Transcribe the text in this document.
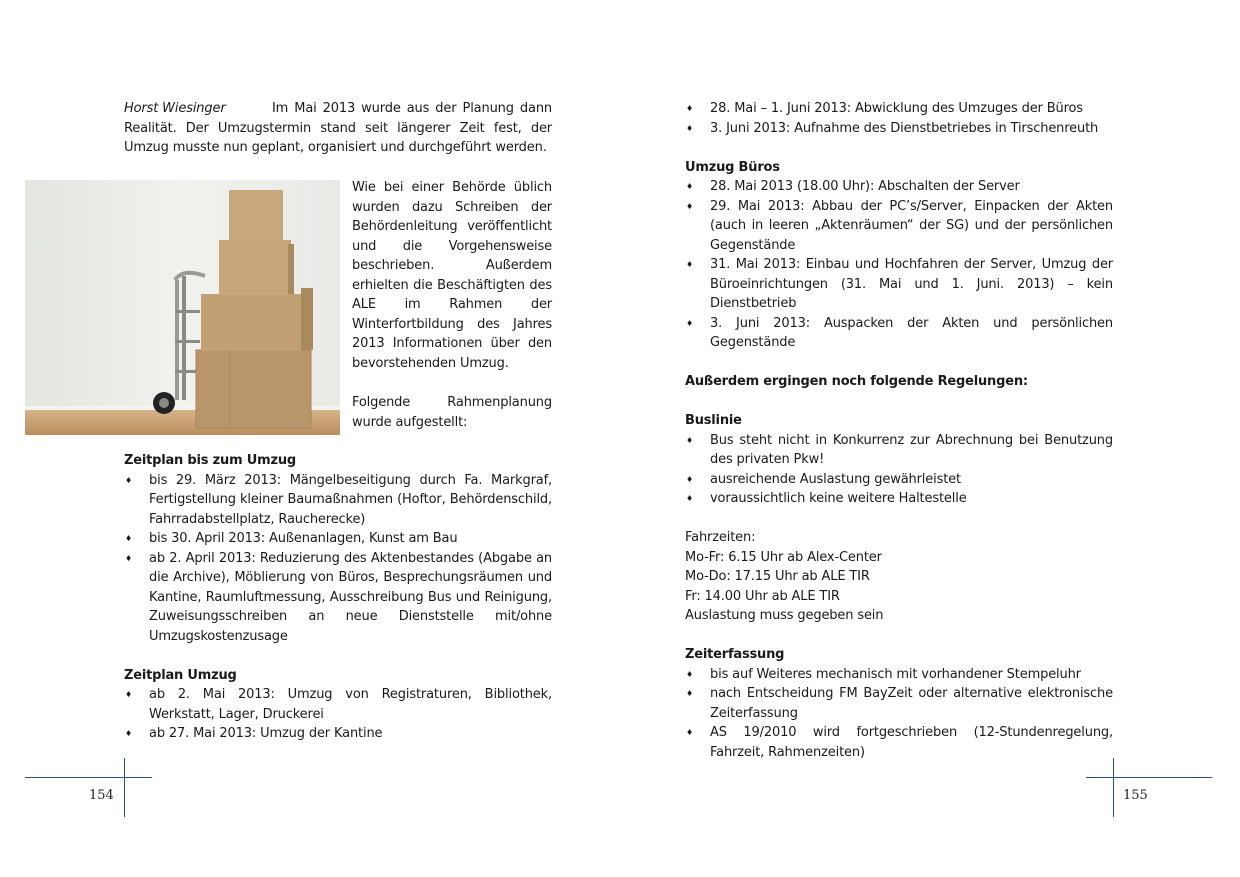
Horst Wiesinger	Im Mai 2013 wurde aus der Planung dann Realität. Der Umzugstermin stand seit längerer Zeit fest, der Umzug musste nun geplant, organisiert und durchgeführt werden.
Wie bei einer Behörde üblich wurden dazu Schreiben der Behördenleitung veröffentlicht und die Vorgehensweise beschrieben. Außerdem erhielten die Beschäftigten des ALE im Rahmen der Winterfortbildung des Jahres 2013 Informationen über den bevorstehenden Umzug.
Folgende Rahmenplanung wurde aufgestellt:
Zeitplan bis zum Umzug
♦ bis 29. März 2013: Mängelbeseitigung durch Fa. Markgraf, Fertigstellung kleiner Baumaßnahmen (Hoftor, Behördenschild, Fahrradabstellplatz, Raucherecke)
♦ bis 30. April 2013: Außenanlagen, Kunst am Bau
♦ ab 2. April 2013: Reduzierung des Aktenbestandes (Abgabe an die Archive), Möblierung von Büros, Besprechungsräumen und Kantine, Raumluftmessung, Ausschreibung Bus und Reinigung, Zuweisungsschreiben an neue Dienststelle mit/ohne Umzugskostenzusage
Zeitplan Umzug
♦ ab 2. Mai 2013: Umzug von Registraturen, Bibliothek, Werkstatt, Lager, Druckerei
♦ ab 27. Mai 2013: Umzug der Kantine
154
♦ 28. Mai – 1. Juni 2013: Abwicklung des Umzuges der Büros
♦ 3. Juni 2013: Aufnahme des Dienstbetriebes in Tirschenreuth
Umzug Büros
♦ 28. Mai 2013 (18.00 Uhr): Abschalten der Server
♦ 29. Mai 2013: Abbau der PC’s/Server, Einpacken der Akten (auch in leeren „Aktenräumen“ der SG) und der persönlichen Gegenstände
♦ 31. Mai 2013: Einbau und Hochfahren der Server, Umzug der Büroeinrichtungen (31. Mai und 1. Juni. 2013) – kein Dienstbetrieb
♦ 3. Juni 2013: Auspacken der Akten und persönlichen Gegenstände
Außerdem ergingen noch folgende Regelungen:
Buslinie
♦ Bus steht nicht in Konkurrenz zur Abrechnung bei Benutzung des privaten Pkw!
♦ ausreichende Auslastung gewährleistet
♦ voraussichtlich keine weitere Haltestelle
Fahrzeiten:
Mo-Fr: 6.15 Uhr ab Alex-Center
Mo-Do: 17.15 Uhr ab ALE TIR
Fr: 14.00 Uhr ab ALE TIR
Auslastung muss gegeben sein
Zeiterfassung
♦ bis auf Weiteres mechanisch mit vorhandener Stempeluhr
♦ nach Entscheidung FM BayZeit oder alternative elektronische Zeiterfassung
♦ AS 19/2010 wird fortgeschrieben (12-Stundenregelung, Fahrzeit, Rahmenzeiten)
155
